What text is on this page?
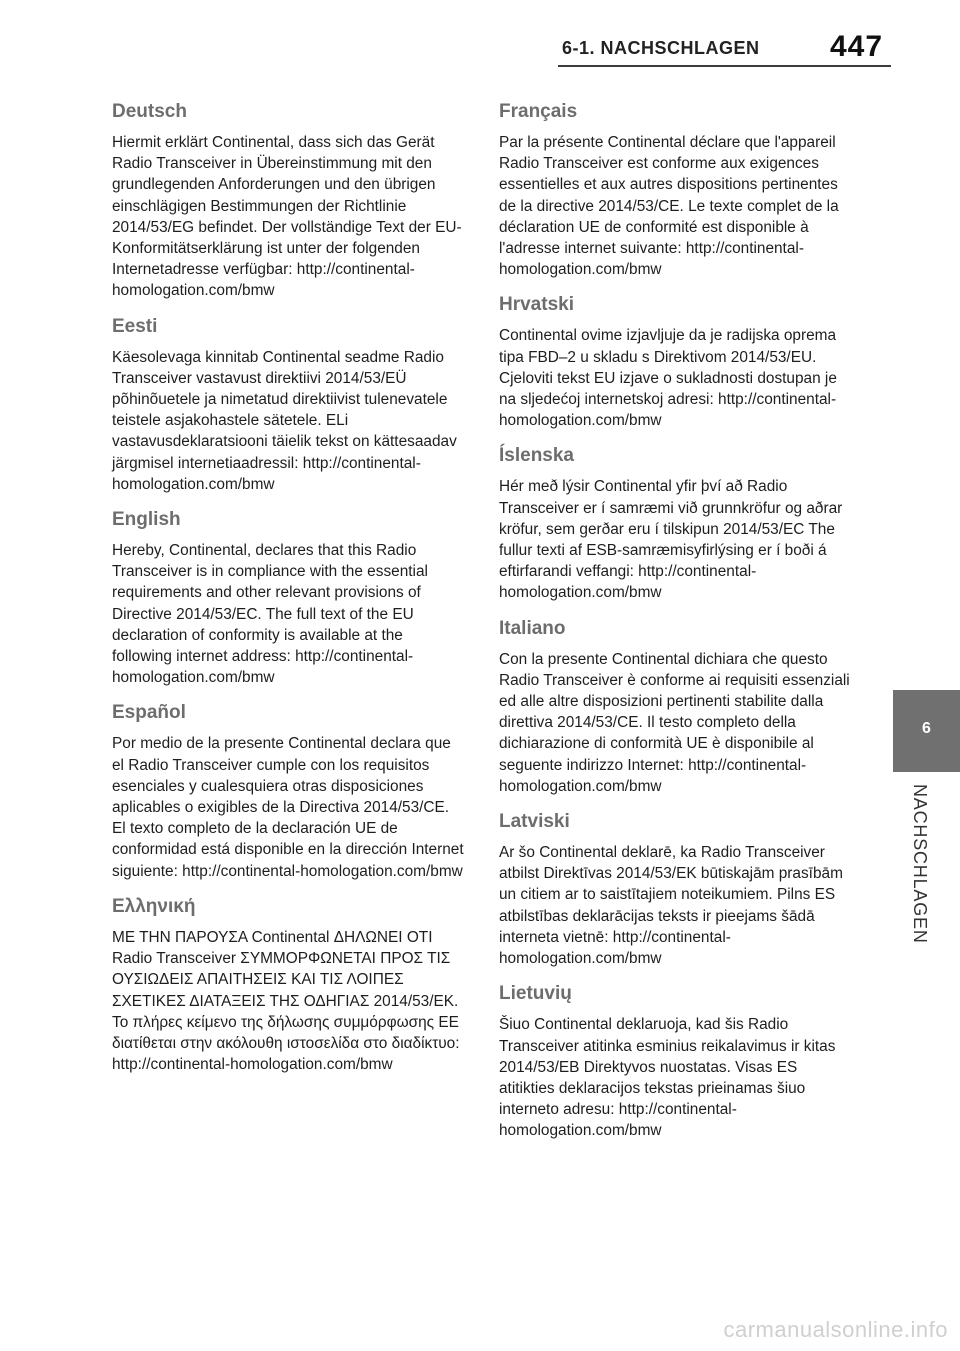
6-1. NACHSCHLAGEN 447
6
NACHSCHLAGEN
Deutsch

Hiermit erklärt Continental, dass sich das Gerät Radio Transceiver in Übereinstimmung mit den grundlegenden Anforderungen und den übrigen einschlägigen Bestimmungen der Richtlinie 2014/53/EG befindet. Der vollständige Text der EU-Konformitätserklärung ist unter der folgenden Internetadresse verfügbar: http://continental-homologation.com/bmw

Eesti

Käesolevaga kinnitab Continental seadme Radio Transceiver vastavust direktiivi 2014/53/EÜ põhinõuetele ja nimetatud direktiivist tulenevatele teistele asjakohastele sätetele. ELi vastavusdeklaratsiooni täielik tekst on kättesaadav järgmisel internetiaadressil: http://continental-homologation.com/bmw

English

Hereby, Continental, declares that this Radio Transceiver is in compliance with the essential requirements and other relevant provisions of Directive 2014/53/EC. The full text of the EU declaration of conformity is available at the following internet address: http://continental-homologation.com/bmw

Español

Por medio de la presente Continental declara que el Radio Transceiver cumple con los requisitos esenciales y cualesquiera otras disposiciones aplicables o exigibles de la Directiva 2014/53/CE. El texto completo de la declaración UE de conformidad está disponible en la dirección Internet siguiente: http://continental-homologation.com/bmw

Ελληνική

ΜΕ ΤΗΝ ΠΑΡΟΥΣΑ Continental ΔΗΛΩΝΕΙ ΟΤΙ Radio Transceiver ΣΥΜΜΟΡΦΩΝΕΤΑΙ ΠΡΟΣ ΤΙΣ ΟΥΣΙΩΔΕΙΣ ΑΠΑΙΤΗΣΕΙΣ ΚΑΙ ΤΙΣ ΛΟΙΠΕΣ ΣΧΕΤΙΚΕΣ ΔΙΑΤΑΞΕΙΣ ΤΗΣ ΟΔΗΓΙΑΣ 2014/53/ΕΚ. Το πλήρες κείμενο της δήλωσης συμμόρφωσης ΕΕ διατίθεται στην ακόλουθη ιστοσελίδα στο διαδίκτυο: http://continental-homologation.com/bmw

Français

Par la présente Continental déclare que l'appareil Radio Transceiver est conforme aux exigences essentielles et aux autres dispositions pertinentes de la directive 2014/53/CE. Le texte complet de la déclaration UE de conformité est disponible à l'adresse internet suivante: http://continental-homologation.com/bmw

Hrvatski

Continental ovime izjavljuje da je radijska oprema tipa FBD–2 u skladu s Direktivom 2014/53/EU. Cjeloviti tekst EU izjave o sukladnosti dostupan je na sljedećoj internetskoj adresi: http://continental-homologation.com/bmw

Íslenska

Hér með lýsir Continental yfir því að Radio Transceiver er í samræmi við grunnkröfur og aðrar kröfur, sem gerðar eru í tilskipun 2014/53/EC The fullur texti af ESB-samræmisyfirlýsing er í boði á eftirfarandi veffangi: http://continental-homologation.com/bmw

Italiano

Con la presente Continental dichiara che questo Radio Transceiver è conforme ai requisiti essenziali ed alle altre disposizioni pertinenti stabilite dalla direttiva 2014/53/CE. Il testo completo della dichiarazione di conformità UE è disponibile al seguente indirizzo Internet: http://continental-homologation.com/bmw

Latviski

Ar šo Continental deklarē, ka Radio Transceiver atbilst Direktīvas 2014/53/EK būtiskajām prasībām un citiem ar to saistītajiem noteikumiem. Pilns ES atbilstības deklarācijas teksts ir pieejams šādā interneta vietnē: http://continental-homologation.com/bmw

Lietuvių

Šiuo Continental deklaruoja, kad šis Radio Transceiver atitinka esminius reikalavimus ir kitas 2014/53/EB Direktyvos nuostatas. Visas ES atitikties deklaracijos tekstas prieinamas šiuo interneto adresu: http://continental-homologation.com/bmw

carmanualsonline.info
